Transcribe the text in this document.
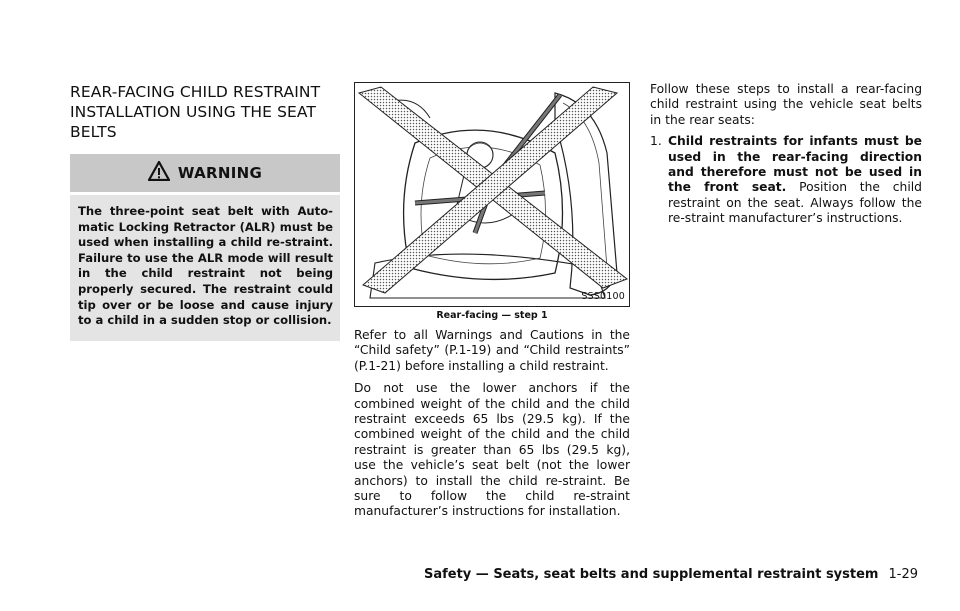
REAR-FACING CHILD RESTRAINT INSTALLATION USING THE SEAT BELTS
WARNING
The three-point seat belt with Auto-matic Locking Retractor (ALR) must be used when installing a child re-straint. Failure to use the ALR mode will result in the child restraint not being properly secured. The restraint could tip over or be loose and cause injury to a child in a sudden stop or collision.
SSS0100
Rear-facing — step 1

Refer to all Warnings and Cautions in the “Child safety” (P.1-19) and “Child restraints” (P.1-21) before installing a child restraint.

Do not use the lower anchors if the combined weight of the child and the child restraint exceeds 65 lbs (29.5 kg). If the combined weight of the child and the child restraint is greater than 65 lbs (29.5 kg), use the vehicle’s seat belt (not the lower anchors) to install the child re-straint. Be sure to follow the child re-straint manufacturer’s instructions for installation.

Follow these steps to install a rear-facing child restraint using the vehicle seat belts in the rear seats:

1. Child restraints for infants must be used in the rear-facing direction and therefore must not be used in the front seat. Position the child restraint on the seat. Always follow the re-straint manufacturer’s instructions.
Safety — Seats, seat belts and supplemental restraint system 1-29
